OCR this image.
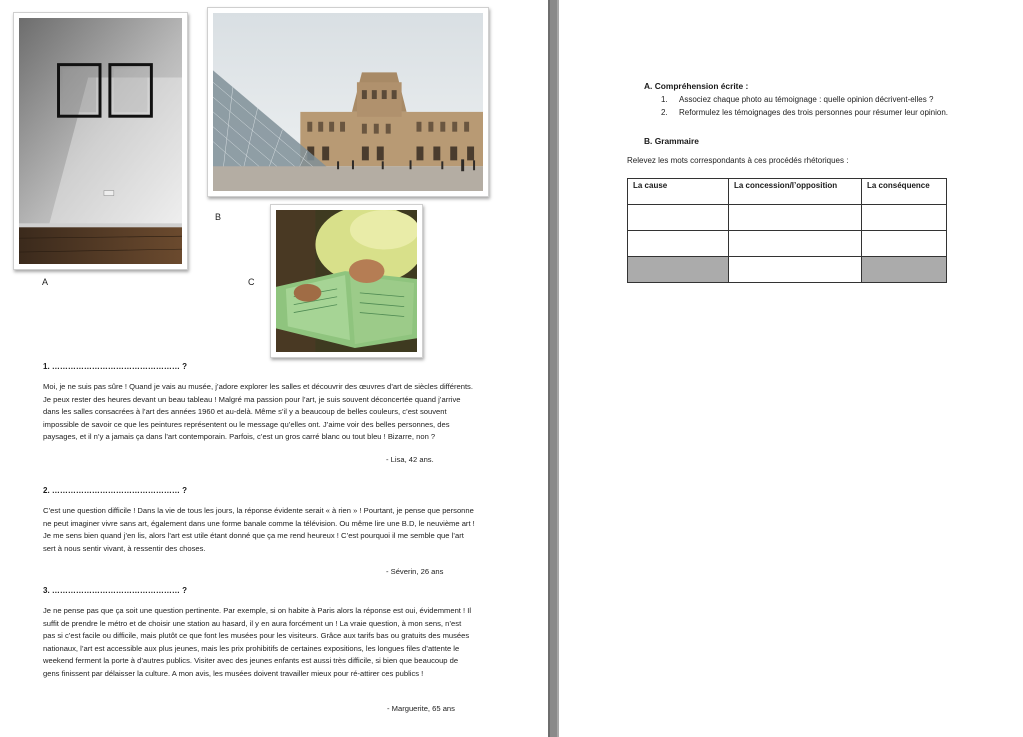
A
B
C
1. ………………………………………… ?

Moi, je ne suis pas sûre ! Quand je vais au musée, j’adore explorer les salles et découvrir des œuvres d’art de siècles différents. Je peux rester des heures devant un beau tableau ! Malgré ma passion pour l’art, je suis souvent déconcertée quand j’arrive dans les salles consacrées à l’art des années 1960 et au-delà. Même s’il y a beaucoup de belles couleurs, c’est souvent impossible de savoir ce que les peintures représentent ou le message qu’elles ont. J’aime voir des belles personnes, des paysages, et il n’y a jamais ça dans l’art contemporain. Parfois, c’est un gros carré blanc ou tout bleu ! Bizarre, non ?

- Lisa, 42 ans.
2. ………………………………………… ?

C’est une question difficile ! Dans la vie de tous les jours, la réponse évidente serait « à rien » ! Pourtant, je pense que personne ne peut imaginer vivre sans art, également dans une forme banale comme la télévision. Ou même lire une B.D, le neuvième art ! Je me sens bien quand j’en lis, alors l’art est utile étant donné que ça me rend heureux ! C’est pourquoi il me semble que l’art sert à nous sentir vivant, à ressentir des choses.

- Séverin, 26 ans
3. ………………………………………… ?

Je ne pense pas que ça soit une question pertinente. Par exemple, si on habite à Paris alors la réponse est oui, évidemment ! Il suffit de prendre le métro et de choisir une station au hasard, il y en aura forcément un ! La vraie question, à mon sens, n’est pas si c’est facile ou difficile, mais plutôt ce que font les musées pour les visiteurs. Grâce aux tarifs bas ou gratuits des musées nationaux, l’art est accessible aux plus jeunes, mais les prix prohibitifs de certaines expositions, les longues files d’attente le weekend ferment la porte à d’autres publics. Visiter avec des jeunes enfants est aussi très difficile, si bien que beaucoup de gens finissent par délaisser la culture. A mon avis, les musées doivent travailler mieux pour ré-attirer ces publics !

- Marguerite, 65 ans
A. Compréhension écrite :
1. Associez chaque photo au témoignage : quelle opinion décrivent-elles ?
2. Reformulez les témoignages des trois personnes pour résumer leur opinion.
B. Grammaire
Relevez les mots correspondants à ces procédés rhétoriques :
La cause	La concession/l’opposition	La conséquence
